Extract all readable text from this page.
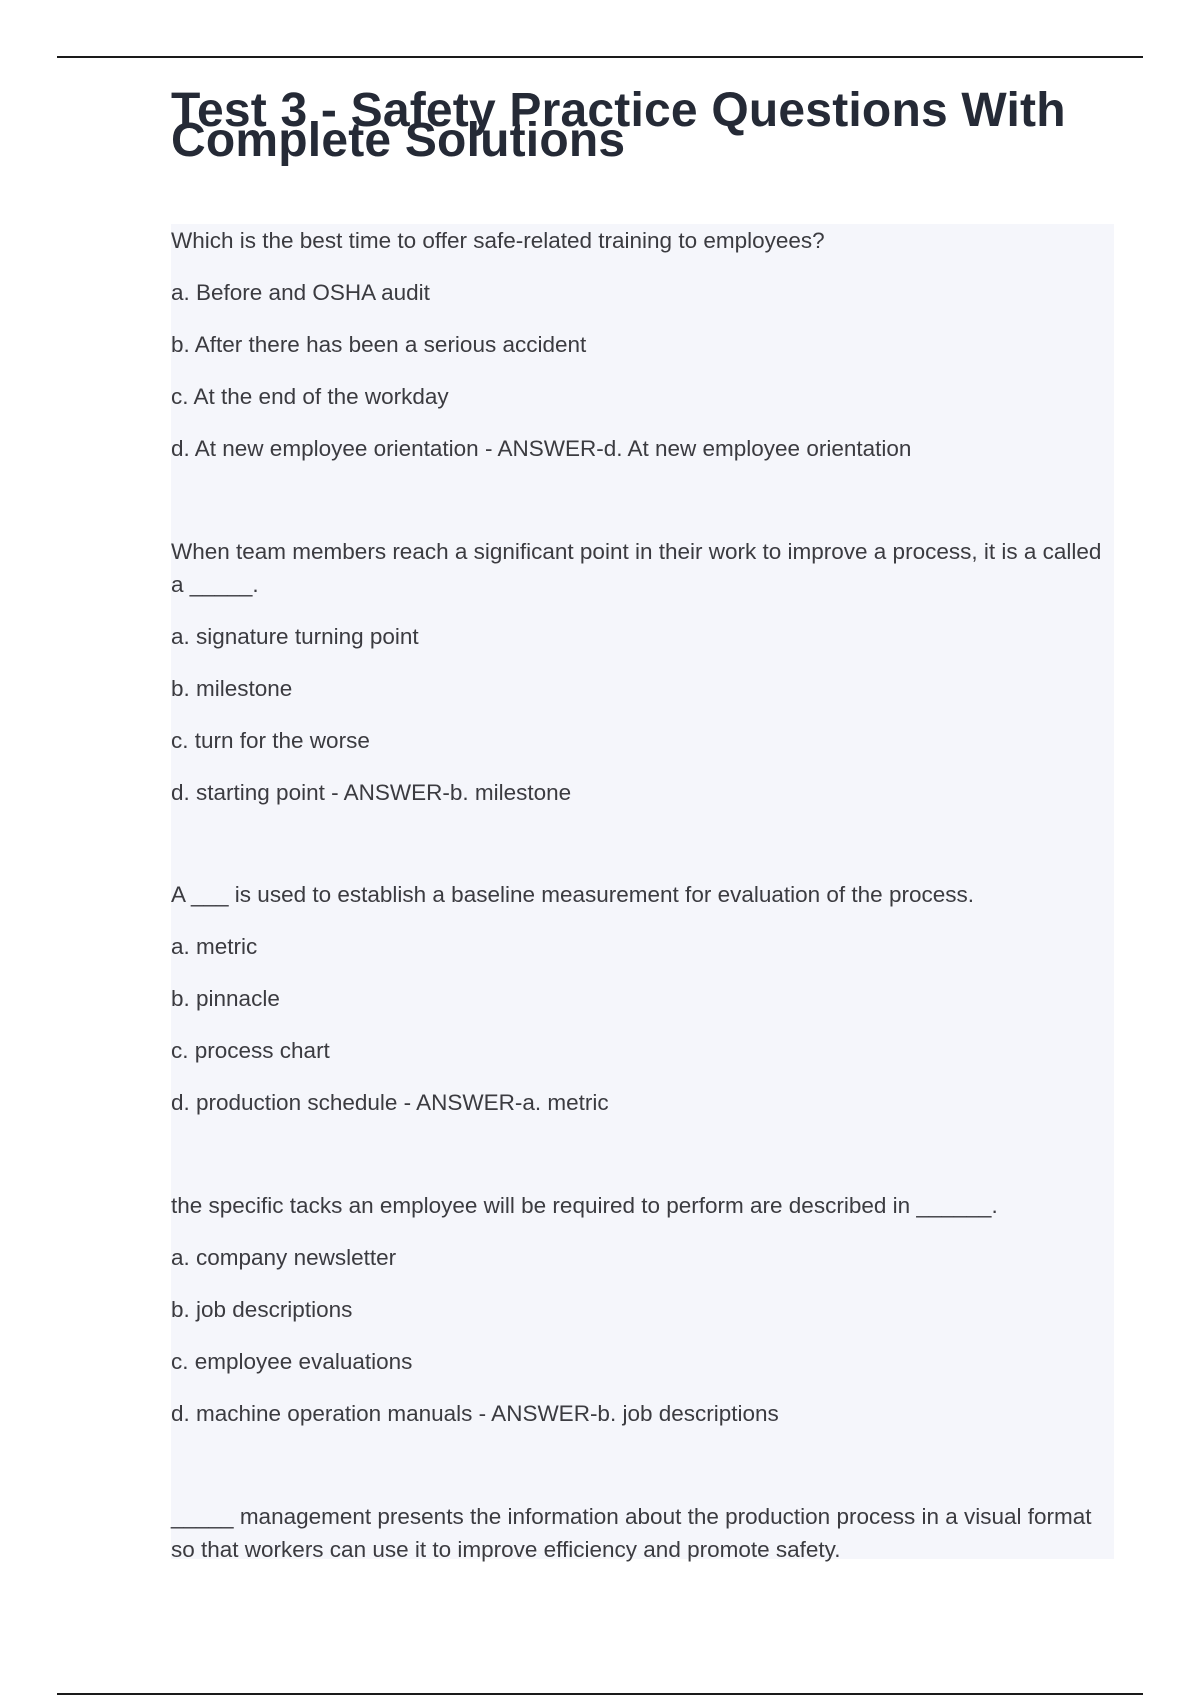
Test 3 - Safety Practice Questions With Complete Solutions

Which is the best time to offer safe-related training to employees?

a. Before and OSHA audit

b. After there has been a serious accident

c. At the end of the workday

d. At new employee orientation - ANSWER-d. At new employee orientation

When team members reach a significant point in their work to improve a process, it is a called a _____.

a. signature turning point

b. milestone

c. turn for the worse

d. starting point - ANSWER-b. milestone

A ___ is used to establish a baseline measurement for evaluation of the process.

a. metric

b. pinnacle

c. process chart

d. production schedule - ANSWER-a. metric

the specific tacks an employee will be required to perform are described in ______.

a. company newsletter

b. job descriptions

c. employee evaluations

d. machine operation manuals - ANSWER-b. job descriptions

_____ management presents the information about the production process in a visual format so that workers can use it to improve efficiency and promote safety.
